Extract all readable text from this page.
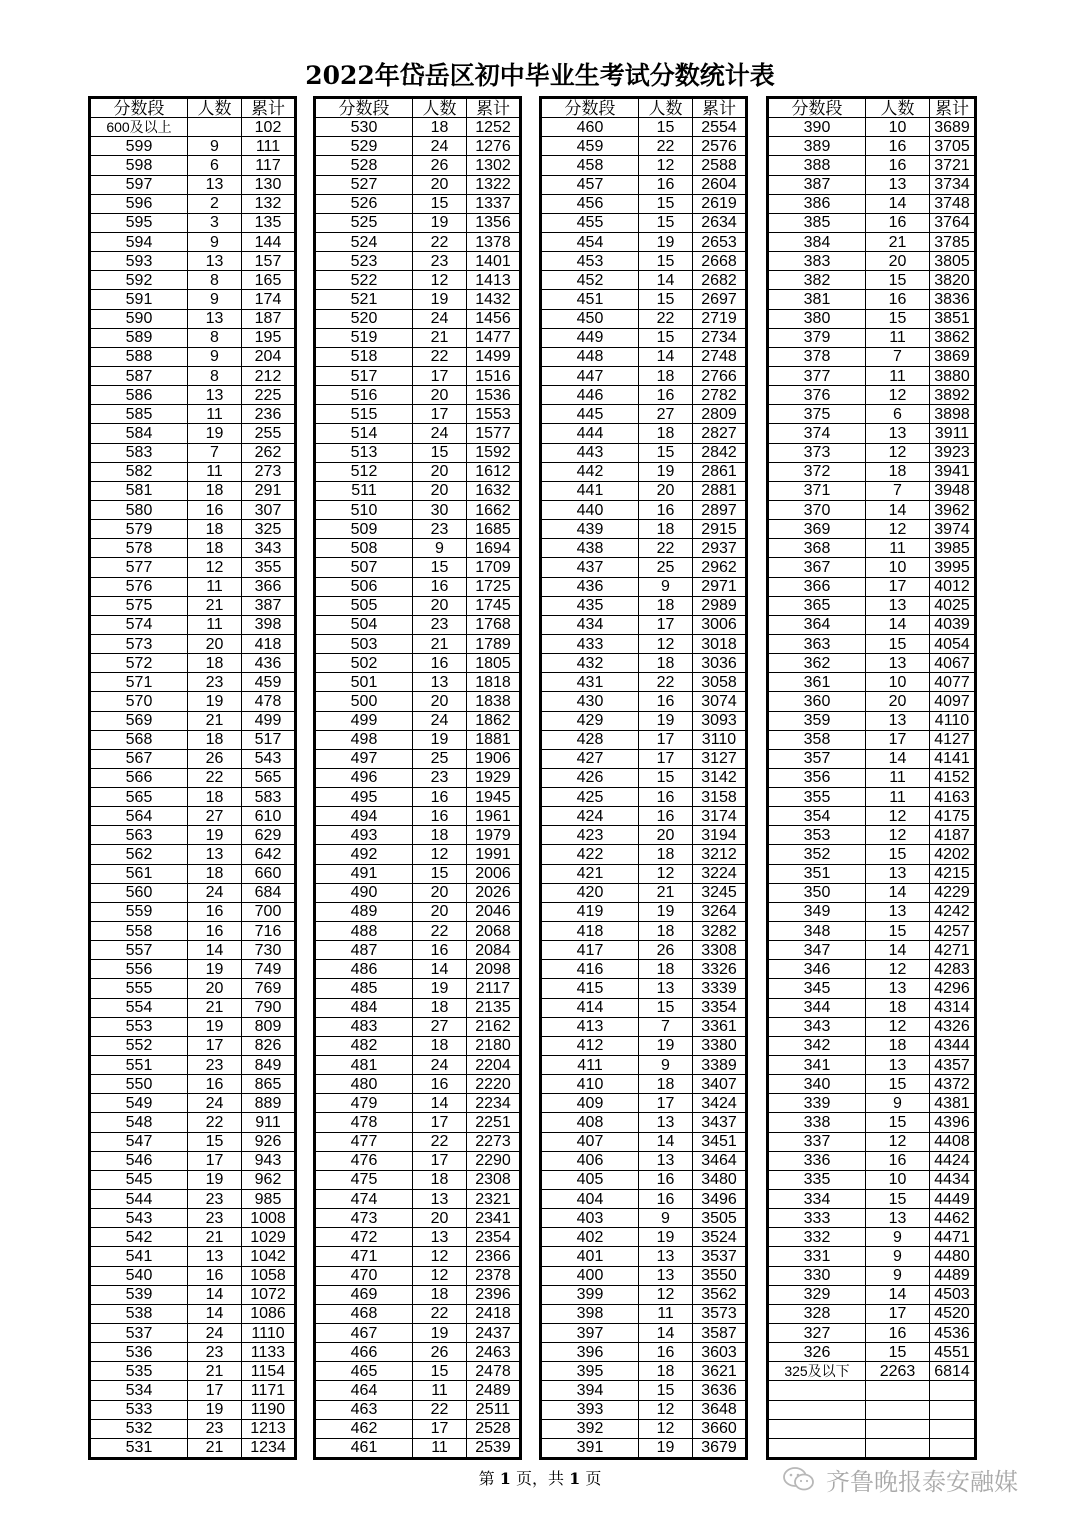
2022年岱岳区初中毕业生考试分数统计表
分数段	人数	累计
600及以上		102
599	9	111
598	6	117
597	13	130
596	2	132
595	3	135
594	9	144
593	13	157
592	8	165
591	9	174
590	13	187
589	8	195
588	9	204
587	8	212
586	13	225
585	11	236
584	19	255
583	7	262
582	11	273
581	18	291
580	16	307
579	18	325
578	18	343
577	12	355
576	11	366
575	21	387
574	11	398
573	20	418
572	18	436
571	23	459
570	19	478
569	21	499
568	18	517
567	26	543
566	22	565
565	18	583
564	27	610
563	19	629
562	13	642
561	18	660
560	24	684
559	16	700
558	16	716
557	14	730
556	19	749
555	20	769
554	21	790
553	19	809
552	17	826
551	23	849
550	16	865
549	24	889
548	22	911
547	15	926
546	17	943
545	19	962
544	23	985
543	23	1008
542	21	1029
541	13	1042
540	16	1058
539	14	1072
538	14	1086
537	24	1110
536	23	1133
535	21	1154
534	17	1171
533	19	1190
532	23	1213
531	21	1234
分数段	人数	累计
530	18	1252
529	24	1276
528	26	1302
527	20	1322
526	15	1337
525	19	1356
524	22	1378
523	23	1401
522	12	1413
521	19	1432
520	24	1456
519	21	1477
518	22	1499
517	17	1516
516	20	1536
515	17	1553
514	24	1577
513	15	1592
512	20	1612
511	20	1632
510	30	1662
509	23	1685
508	9	1694
507	15	1709
506	16	1725
505	20	1745
504	23	1768
503	21	1789
502	16	1805
501	13	1818
500	20	1838
499	24	1862
498	19	1881
497	25	1906
496	23	1929
495	16	1945
494	16	1961
493	18	1979
492	12	1991
491	15	2006
490	20	2026
489	20	2046
488	22	2068
487	16	2084
486	14	2098
485	19	2117
484	18	2135
483	27	2162
482	18	2180
481	24	2204
480	16	2220
479	14	2234
478	17	2251
477	22	2273
476	17	2290
475	18	2308
474	13	2321
473	20	2341
472	13	2354
471	12	2366
470	12	2378
469	18	2396
468	22	2418
467	19	2437
466	26	2463
465	15	2478
464	11	2489
463	22	2511
462	17	2528
461	11	2539
分数段	人数	累计
460	15	2554
459	22	2576
458	12	2588
457	16	2604
456	15	2619
455	15	2634
454	19	2653
453	15	2668
452	14	2682
451	15	2697
450	22	2719
449	15	2734
448	14	2748
447	18	2766
446	16	2782
445	27	2809
444	18	2827
443	15	2842
442	19	2861
441	20	2881
440	16	2897
439	18	2915
438	22	2937
437	25	2962
436	9	2971
435	18	2989
434	17	3006
433	12	3018
432	18	3036
431	22	3058
430	16	3074
429	19	3093
428	17	3110
427	17	3127
426	15	3142
425	16	3158
424	16	3174
423	20	3194
422	18	3212
421	12	3224
420	21	3245
419	19	3264
418	18	3282
417	26	3308
416	18	3326
415	13	3339
414	15	3354
413	7	3361
412	19	3380
411	9	3389
410	18	3407
409	17	3424
408	13	3437
407	14	3451
406	13	3464
405	16	3480
404	16	3496
403	9	3505
402	19	3524
401	13	3537
400	13	3550
399	12	3562
398	11	3573
397	14	3587
396	16	3603
395	18	3621
394	15	3636
393	12	3648
392	12	3660
391	19	3679
分数段	人数	累计
390	10	3689
389	16	3705
388	16	3721
387	13	3734
386	14	3748
385	16	3764
384	21	3785
383	20	3805
382	15	3820
381	16	3836
380	15	3851
379	11	3862
378	7	3869
377	11	3880
376	12	3892
375	6	3898
374	13	3911
373	12	3923
372	18	3941
371	7	3948
370	14	3962
369	12	3974
368	11	3985
367	10	3995
366	17	4012
365	13	4025
364	14	4039
363	15	4054
362	13	4067
361	10	4077
360	20	4097
359	13	4110
358	17	4127
357	14	4141
356	11	4152
355	11	4163
354	12	4175
353	12	4187
352	15	4202
351	13	4215
350	14	4229
349	13	4242
348	15	4257
347	14	4271
346	12	4283
345	13	4296
344	18	4314
343	12	4326
342	18	4344
341	13	4357
340	15	4372
339	9	4381
338	15	4396
337	12	4408
336	16	4424
335	10	4434
334	15	4449
333	13	4462
332	9	4471
331	9	4480
330	9	4489
329	14	4503
328	17	4520
327	16	4536
326	15	4551
325及以下	2263	6814

第 1 页，共 1 页	齐鲁晚报泰安融媒
